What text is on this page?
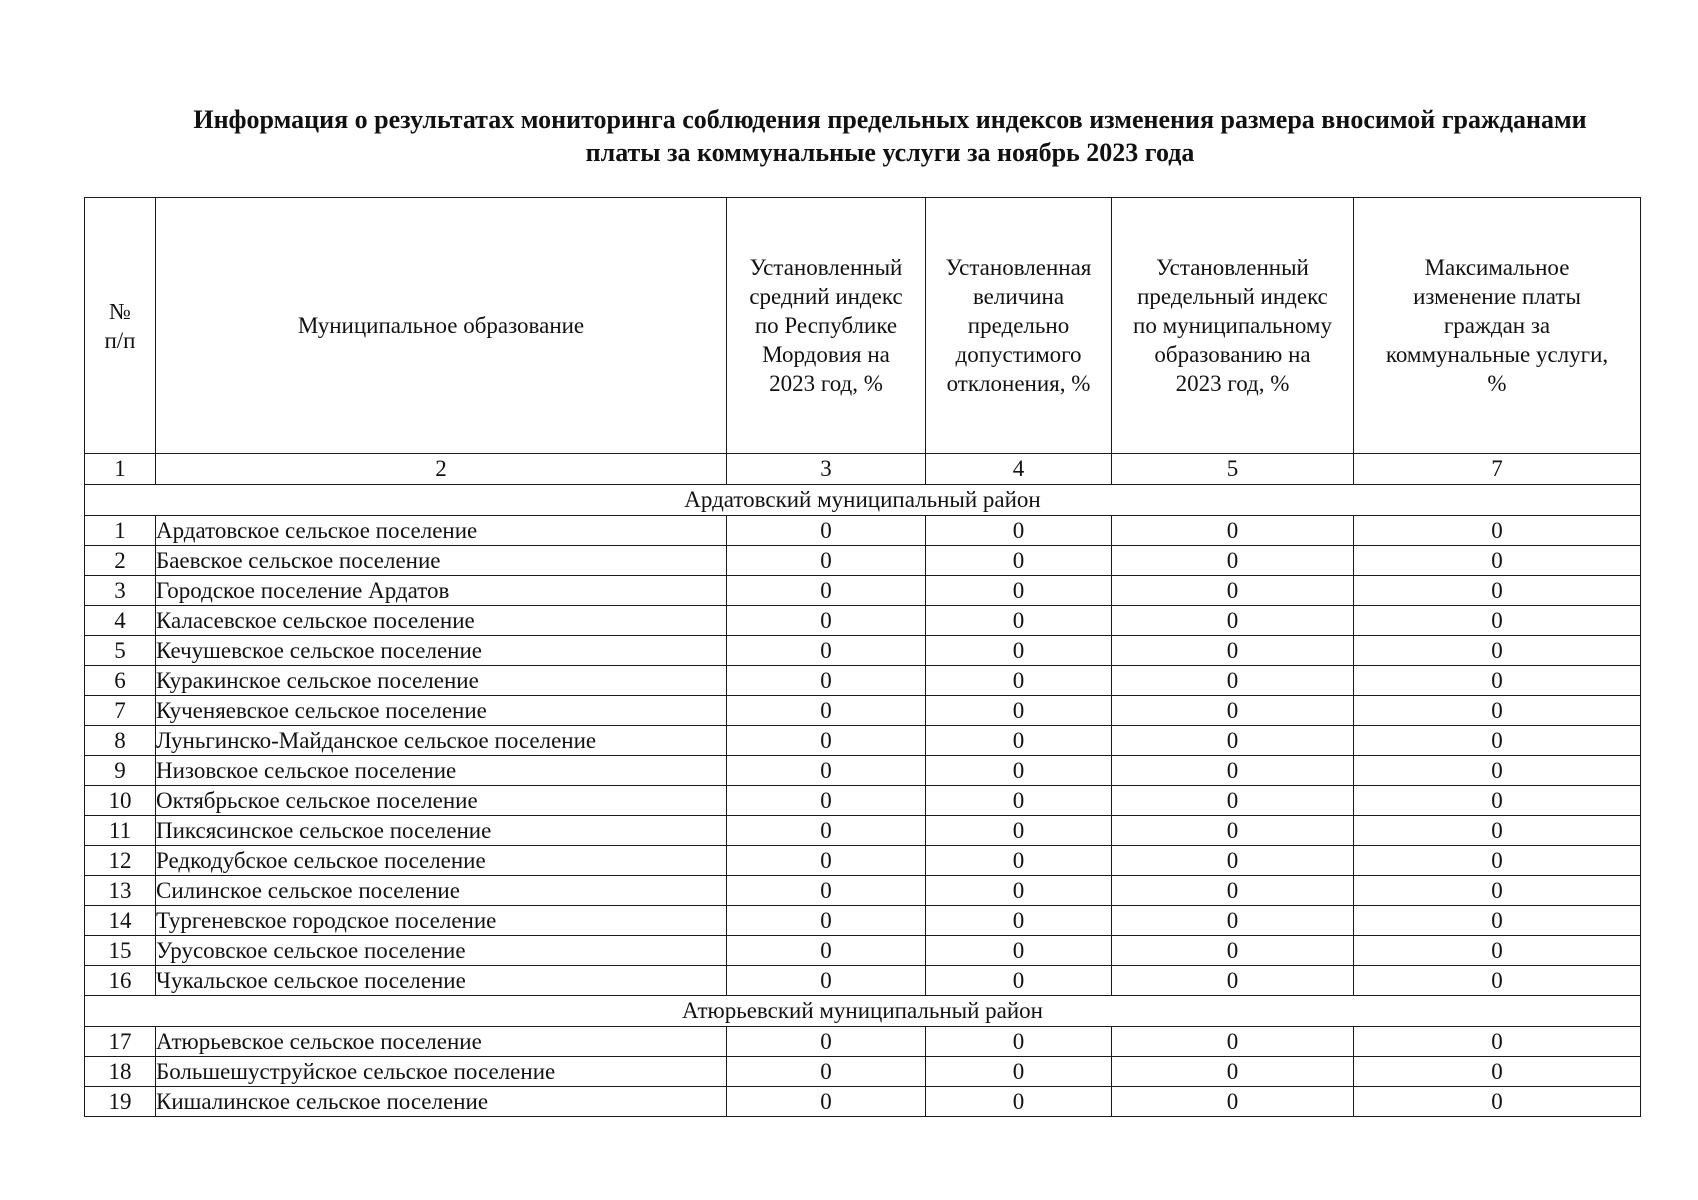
Информация о результатах мониторинга соблюдения предельных индексов изменения размера вносимой гражданами
платы за коммунальные услуги за ноябрь 2023 года
№
п/п	Муниципальное образование	Установленный
средний индекс
по Республике
Мордовия на
2023 год, %	Установленная
величина
предельно
допустимого
отклонения, %	Установленный
предельный индекс
по муниципальному
образованию на
2023 год, %	Максимальное
изменение платы
граждан за
коммунальные услуги,
%

1	2	3	4	5	7
Ардатовский муниципальный район					
1	Ардатовское сельское поселение	0	0	0	0
2	Баевское сельское поселение	0	0	0	0
3	Городское поселение Ардатов	0	0	0	0
4	Каласевское сельское поселение	0	0	0	0
5	Кечушевское сельское поселение	0	0	0	0
6	Куракинское сельское поселение	0	0	0	0
7	Кученяевское сельское поселение	0	0	0	0
8	Луньгинско-Майданское сельское поселение	0	0	0	0
9	Низовское сельское поселение	0	0	0	0
10	Октябрьское сельское поселение	0	0	0	0
11	Пиксясинское сельское поселение	0	0	0	0
12	Редкодубское сельское поселение	0	0	0	0
13	Силинское сельское поселение	0	0	0	0
14	Тургеневское городское поселение	0	0	0	0
15	Урусовское сельское поселение	0	0	0	0
16	Чукальское сельское поселение	0	0	0	0
Атюрьевский муниципальный район					
17	Атюрьевское сельское поселение	0	0	0	0
18	Большешуструйское сельское поселение	0	0	0	0
19	Кишалинское сельское поселение	0	0	0	0
